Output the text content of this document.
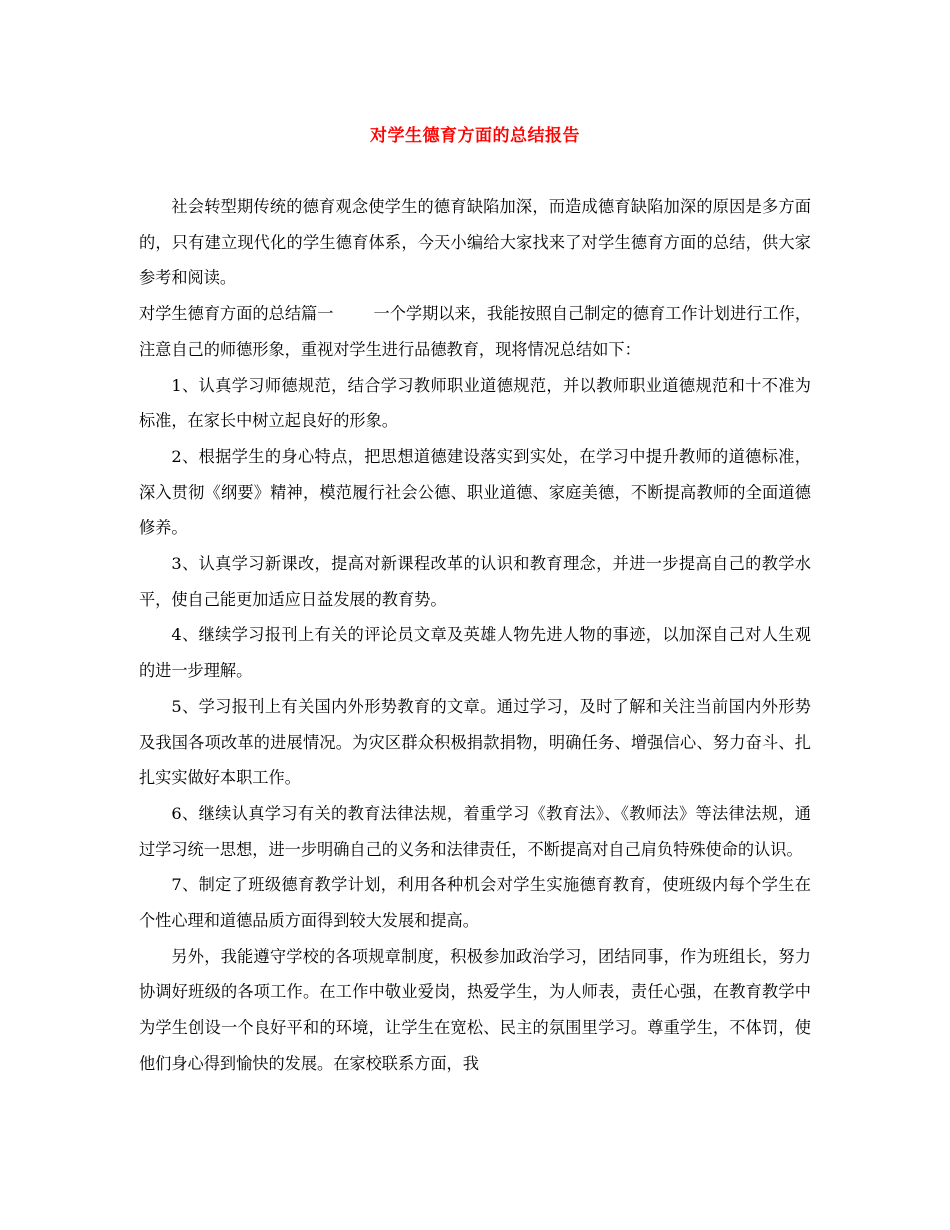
对学生德育方面的总结报告

社会转型期传统的德育观念使学生的德育缺陷加深，而造成德育缺陷加深的原因是多方面的，只有建立现代化的学生德育体系，今天小编给大家找来了对学生德育方面的总结，供大家参考和阅读。

对学生德育方面的总结篇一 一个学期以来，我能按照自己制定的德育工作计划进行工作，注意自己的师德形象，重视对学生进行品德教育，现将情况总结如下：

1、认真学习师德规范，结合学习教师职业道德规范，并以教师职业道德规范和十不准为标准，在家长中树立起良好的形象。

2、根据学生的身心特点，把思想道德建设落实到实处，在学习中提升教师的道德标准，深入贯彻《纲要》精神，模范履行社会公德、职业道德、家庭美德，不断提高教师的全面道德修养。

3、认真学习新课改，提高对新课程改革的认识和教育理念，并进一步提高自己的教学水平，使自己能更加适应日益发展的教育势。

4、继续学习报刊上有关的评论员文章及英雄人物先进人物的事迹，以加深自己对人生观的进一步理解。

5、学习报刊上有关国内外形势教育的文章。通过学习，及时了解和关注当前国内外形势及我国各项改革的进展情况。为灾区群众积极捐款捐物，明确任务、增强信心、努力奋斗、扎扎实实做好本职工作。

6、继续认真学习有关的教育法律法规，着重学习《教育法》、《教师法》等法律法规，通过学习统一思想，进一步明确自己的义务和法律责任，不断提高对自己肩负特殊使命的认识。

7、制定了班级德育教学计划，利用各种机会对学生实施德育教育，使班级内每个学生在个性心理和道德品质方面得到较大发展和提高。

另外，我能遵守学校的各项规章制度，积极参加政治学习，团结同事，作为班组长，努力协调好班级的各项工作。在工作中敬业爱岗，热爱学生，为人师表，责任心强，在教育教学中为学生创设一个良好平和的环境，让学生在宽松、民主的氛围里学习。尊重学生，不体罚，使他们身心得到愉快的发展。在家校联系方面，我
